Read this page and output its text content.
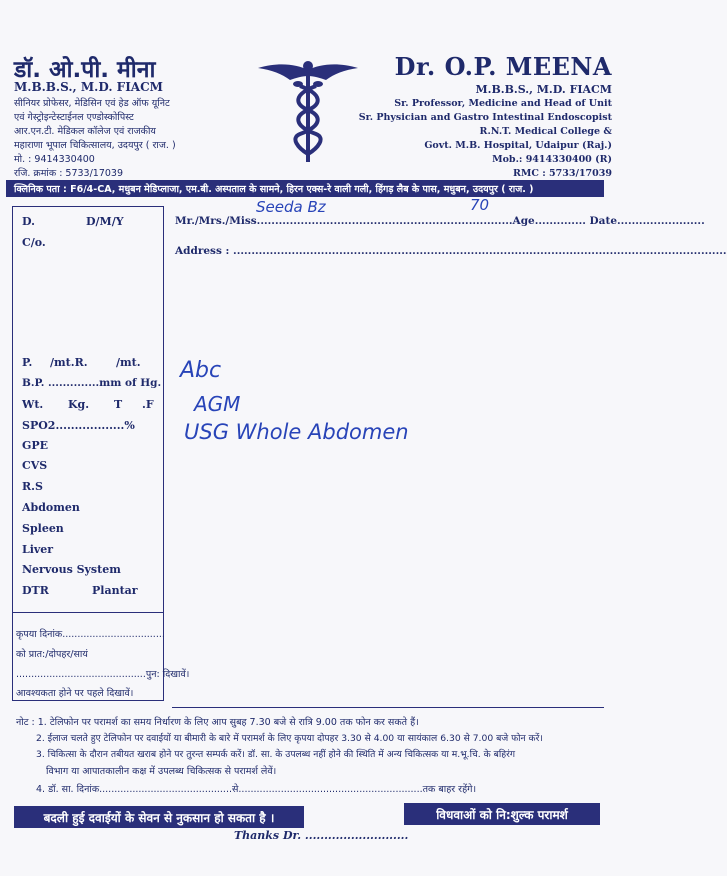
डॉ. ओ.पी. मीना
M.B.B.S., M.D. FIACM
सीनियर प्रोफेसर, मेडिसिन एवं हेड ऑफ यूनिट
एवं गेस्ट्रोइन्टेस्टाईनल एण्डोस्कोपिस्ट
आर.एन.टी. मेडिकल कॉलेज एवं राजकीय
महाराणा भूपाल चिकित्सालय, उदयपुर ( राज. )
मो. : 9414330400
रजि. क्रमांक : 5733/17039
Dr. O.P. MEENA
M.B.B.S., M.D. FIACM
Sr. Professor, Medicine and Head of Unit
Sr. Physician and Gastro Intestinal Endoscopist
R.N.T. Medical College &
Govt. M.B. Hospital, Udaipur (Raj.)
Mob.: 9414330400 (R)
RMC : 5733/17039
क्लिनिक पता : F6/4-CA, मधुबन मेडिप्लाजा, एम.बी. अस्पताल के सामने, हिरन एक्स-रे वाली गली, हिंगड़ लैब के पास, मधुबन, उदयपुर ( राज. )
D.	D/M/Y
C/o.
P. /mt.R.	/mt.
B.P. ..............mm of Hg.
Wt. Kg. T .F
SPO2..................%
GPE
CVS
R.S
Abdomen
Spleen
Liver
Nervous System
DTR	Plantar
कृपया दिनांक..................................
को प्रात:/दोपहर/सायं
...........................................पुन: दिखावें।
आवश्यकता होने पर पहले दिखावें।
Mr./Mrs./Miss......................................................................Age.............. Date........................
Seeda Bz	70
Address : .......................................................................................................................................
Abc
AGM
USG Whole Abdomen
नोट : 1. टेलिफोन पर परामर्श का समय निर्धारण के लिए आप सुबह 7.30 बजे से रात्रि 9.00 तक फोन कर सकते हैं।
2. ईलाज चलते हुए टेलिफोन पर दवाईयों या बीमारी के बारे में परामर्श के लिए कृपया दोपहर 3.30 से 4.00 या सायंकाल 6.30 से 7.00 बजे फोन करें।
3. चिकित्सा के दौरान तबीयत खराब होने पर तुरन्त सम्पर्क करें। डॉ. सा. के उपलब्ध नहीं होने की स्थिति में अन्य चिकित्सक या म.भू.चि. के बहिरंग
विभाग या आपातकालीन कक्ष में उपलब्ध चिकित्सक से परामर्श लेवें।
4. डॉ. सा. दिनांक............................................से.............................................................तक बाहर रहेंगे।
बदली हुई दवाईयों के सेवन से नुकसान हो सकता है ।	विधवाओं को नि:शुल्क परामर्श
Thanks Dr. ...........................
